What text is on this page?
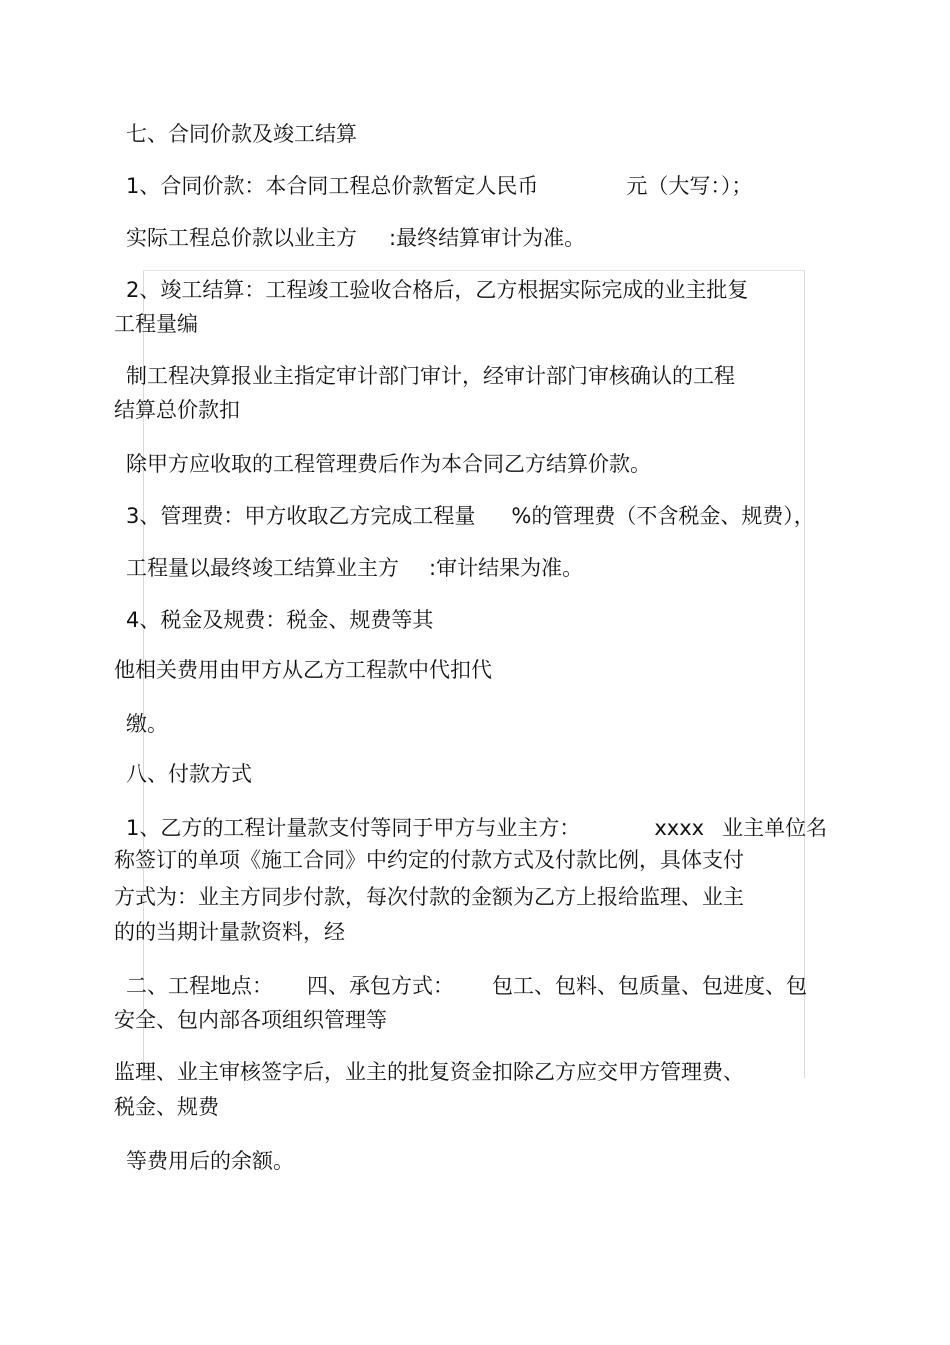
七、合同价款及竣工结算
1、合同价款：本合同工程总价款暂定人民币	元（大写：）；
实际工程总价款以业主方 :最终结算审计为准。
2、竣工结算：工程竣工验收合格后，乙方根据实际完成的业主批复
工程量编
制工程决算报业主指定审计部门审计，经审计部门审核确认的工程
结算总价款扣
除甲方应收取的工程管理费后作为本合同乙方结算价款。
3、管理费：甲方收取乙方完成工程量 %的管理费（不含税金、规费），
工程量以最终竣工结算业主方 :审计结果为准。
4、税金及规费：税金、规费等其
他相关费用由甲方从乙方工程款中代扣代
缴。
八、付款方式
1、乙方的工程计量款支付等同于甲方与业主方：	xxxx 业主单位名
称签订的单项《施工合同》中约定的付款方式及付款比例，具体支付
方式为：业主方同步付款，每次付款的金额为乙方上报给监理、业主
的的当期计量款资料，经
二、工程地点： 四、承包方式： 包工、包料、包质量、包进度、包
安全、包内部各项组织管理等
监理、业主审核签字后，业主的批复资金扣除乙方应交甲方管理费、
税金、规费
等费用后的余额。
